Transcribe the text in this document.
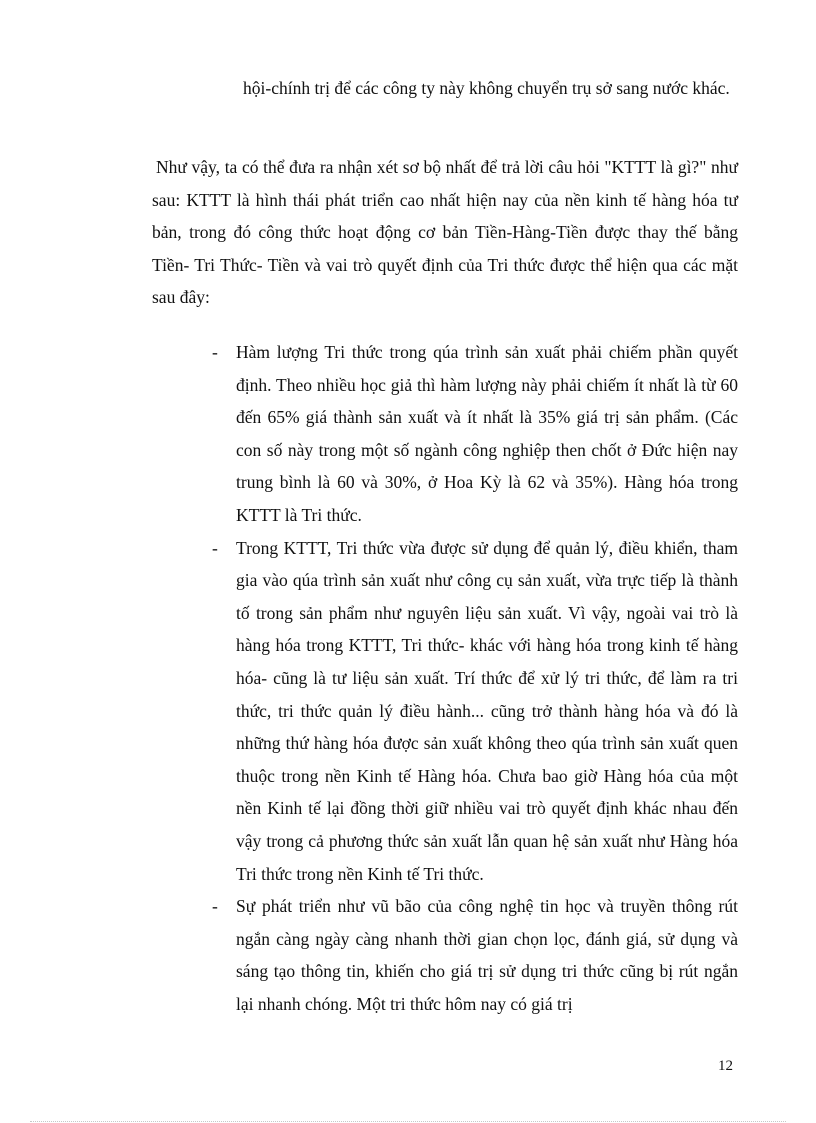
hội-chính trị để các công ty này không chuyển trụ sở sang nước khác.

Như vậy, ta có thể đưa ra nhận xét sơ bộ nhất để trả lời câu hỏi "KTTT là gì?" như sau: KTTT là hình thái phát triển cao nhất hiện nay của nền kinh tế hàng hóa tư bản, trong đó công thức hoạt động cơ bản Tiền-Hàng-Tiền được thay thế bằng Tiền- Tri Thức- Tiền và vai trò quyết định của Tri thức được thể hiện qua các mặt sau đây:

- Hàm lượng Tri thức trong qúa trình sản xuất phải chiếm phần quyết định. Theo nhiều học giả thì hàm lượng này phải chiếm ít nhất là từ 60 đến 65% giá thành sản xuất và ít nhất là 35% giá trị sản phẩm. (Các con số này trong một số ngành công nghiệp then chốt ở Đức hiện nay trung bình là 60 và 30%, ở Hoa Kỳ là 62 và 35%). Hàng hóa trong KTTT là Tri thức.
- Trong KTTT, Tri thức vừa được sử dụng để quản lý, điều khiển, tham gia vào qúa trình sản xuất như công cụ sản xuất, vừa trực tiếp là thành tố trong sản phẩm như nguyên liệu sản xuất. Vì vậy, ngoài vai trò là hàng hóa trong KTTT, Tri thức- khác với hàng hóa trong kinh tế hàng hóa- cũng là tư liệu sản xuất. Trí thức để xử lý tri thức, để làm ra tri thức, tri thức quản lý điều hành... cũng trở thành hàng hóa và đó là những thứ hàng hóa được sản xuất không theo qúa trình sản xuất quen thuộc trong nền Kinh tế Hàng hóa. Chưa bao giờ Hàng hóa của một nền Kinh tế lại đồng thời giữ nhiều vai trò quyết định khác nhau đến vậy trong cả phương thức sản xuất lẫn quan hệ sản xuất như Hàng hóa Tri thức trong nền Kinh tế Tri thức.
- Sự phát triển như vũ bão của công nghệ tin học và truyền thông rút ngắn càng ngày càng nhanh thời gian chọn lọc, đánh giá, sử dụng và sáng tạo thông tin, khiến cho giá trị sử dụng tri thức cũng bị rút ngắn lại nhanh chóng. Một tri thức hôm nay có giá trị

12
